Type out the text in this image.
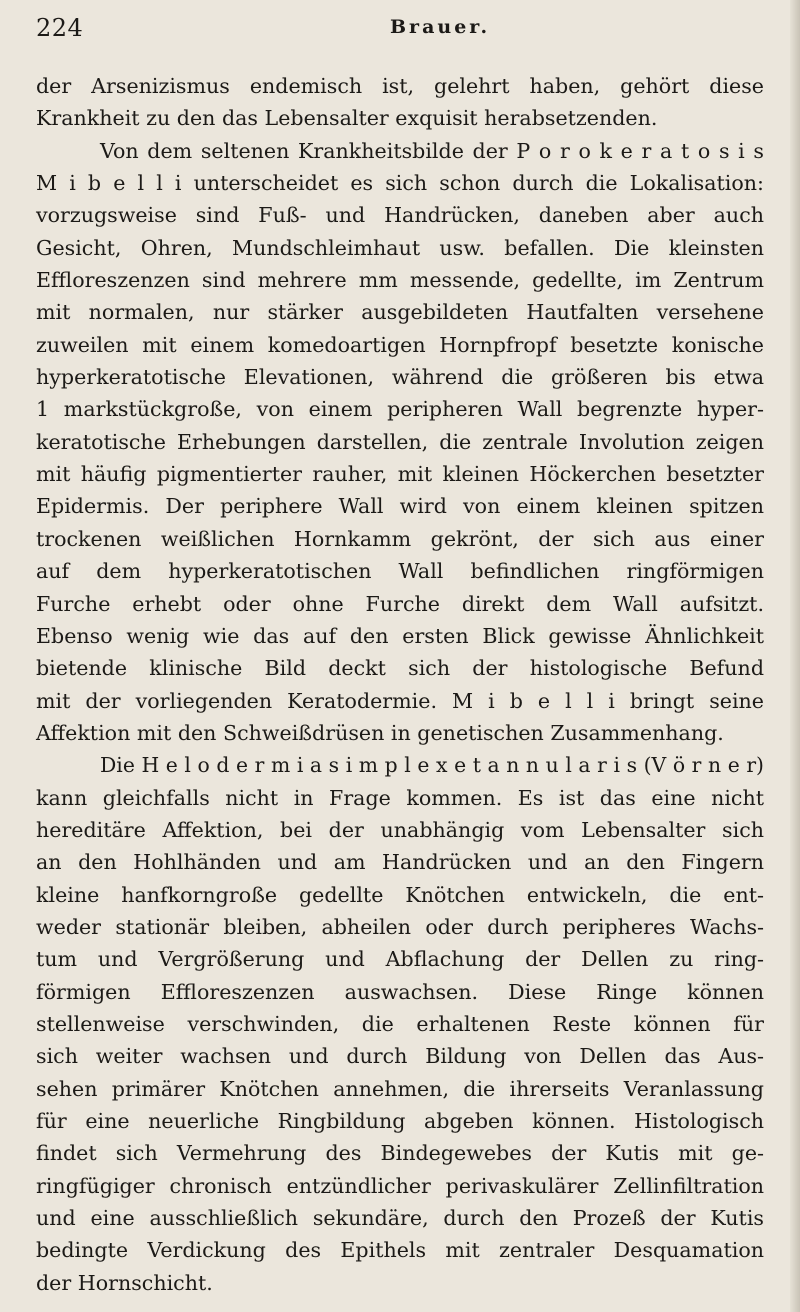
224	Brauer.
der Arsenizismus endemisch ist, gelehrt haben, gehört diese
Krankheit zu den das Lebensalter exquisit herabsetzenden.
Von dem seltenen Krankheitsbilde der P o r o k e r a t o s i s
M i b e l l i unterscheidet es sich schon durch die Lokalisation:
vorzugsweise sind Fuß- und Handrücken, daneben aber auch
Gesicht, Ohren, Mundschleimhaut usw. befallen. Die kleinsten
Effloreszenzen sind mehrere mm messende, gedellte, im Zentrum
mit normalen, nur stärker ausgebildeten Hautfalten versehene
zuweilen mit einem komedoartigen Hornpfropf besetzte konische
hyperkeratotische Elevationen, während die größeren bis etwa
1 markstückgroße, von einem peripheren Wall begrenzte hyper-
keratotische Erhebungen darstellen, die zentrale Involution zeigen
mit häufig pigmentierter rauher, mit kleinen Höckerchen besetzter
Epidermis. Der periphere Wall wird von einem kleinen spitzen
trockenen weißlichen Hornkamm gekrönt, der sich aus einer
auf dem hyperkeratotischen Wall befindlichen ringförmigen
Furche erhebt oder ohne Furche direkt dem Wall aufsitzt.
Ebenso wenig wie das auf den ersten Blick gewisse Ähnlichkeit
bietende klinische Bild deckt sich der histologische Befund
mit der vorliegenden Keratodermie. M i b e l l i bringt seine
Affektion mit den Schweißdrüsen in genetischen Zusammenhang.
Die H e l o d e r m i a s i m p l e x e t a n n u l a r i s (V ö r n e r)
kann gleichfalls nicht in Frage kommen. Es ist das eine nicht
hereditäre Affektion, bei der unabhängig vom Lebensalter sich
an den Hohlhänden und am Handrücken und an den Fingern
kleine hanfkorngroße gedellte Knötchen entwickeln, die ent-
weder stationär bleiben, abheilen oder durch peripheres Wachs-
tum und Vergrößerung und Abflachung der Dellen zu ring-
förmigen Effloreszenzen auswachsen. Diese Ringe können
stellenweise verschwinden, die erhaltenen Reste können für
sich weiter wachsen und durch Bildung von Dellen das Aus-
sehen primärer Knötchen annehmen, die ihrerseits Veranlassung
für eine neuerliche Ringbildung abgeben können. Histologisch
findet sich Vermehrung des Bindegewebes der Kutis mit ge-
ringfügiger chronisch entzündlicher perivaskulärer Zellinfiltration
und eine ausschließlich sekundäre, durch den Prozeß der Kutis
bedingte Verdickung des Epithels mit zentraler Desquamation
der Hornschicht.
